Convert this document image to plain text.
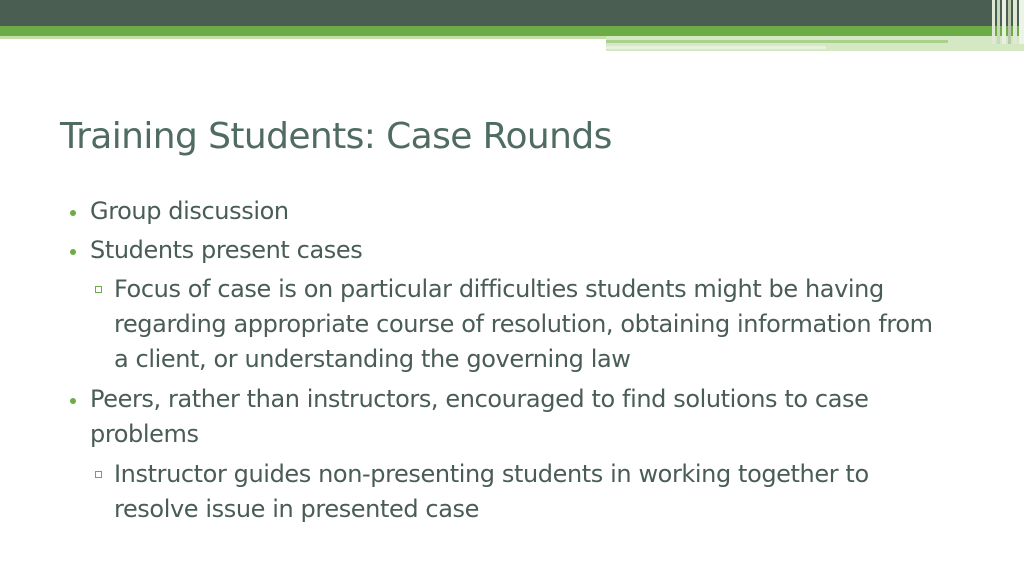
Training Students: Case Rounds
Group discussion
Students present cases
Focus of case is on particular difficulties students might be having
regarding appropriate course of resolution, obtaining information from
a client, or understanding the governing law
Peers, rather than instructors, encouraged to find solutions to case
problems
Instructor guides non-presenting students in working together to
resolve issue in presented case
